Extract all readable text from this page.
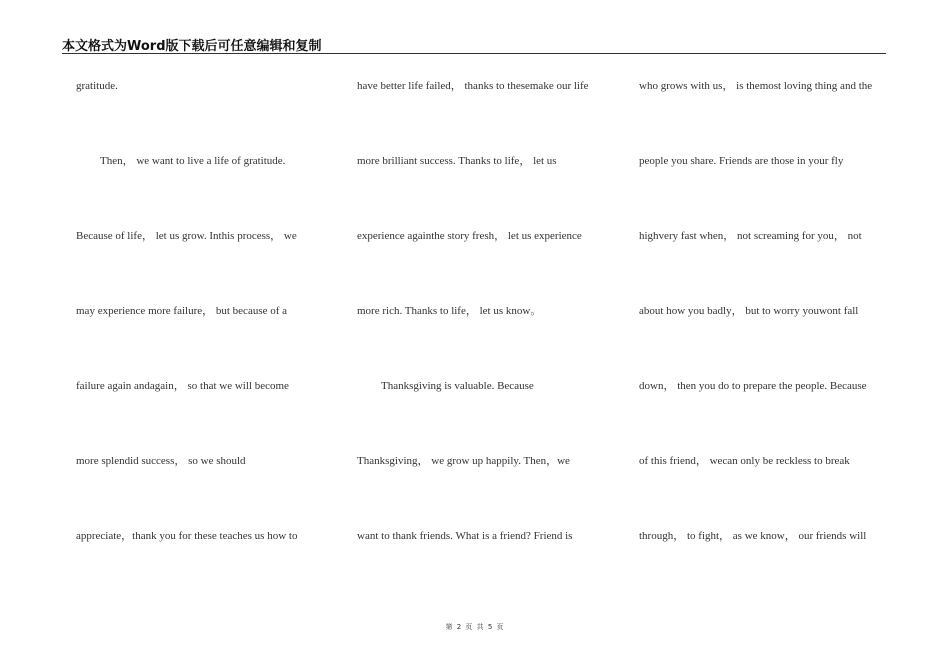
本文格式为Word版下载后可任意编辑和复制
gratitude.
Then， we want to live a life of gratitude.
Because of life， let us grow. Inthis process， we
may experience more failure， but because of a
failure again andagain， so that we will become
more splendid success， so we should
appreciate，thank you for these teaches us how to
have better life failed， thanks to thesemake our life
more brilliant success. Thanks to life， let us
experience againthe story fresh， let us experience
more rich. Thanks to life， let us know。
Thanksgiving is valuable. Because
Thanksgiving， we grow up happily. Then，we
want to thank friends. What is a friend? Friend is
who grows with us， is themost loving thing and the
people you share. Friends are those in your fly
highvery fast when， not screaming for you， not
about how you badly， but to worry youwont fall
down， then you do to prepare the people. Because
of this friend， wecan only be reckless to break
through， to fight， as we know， our friends will
第 2 页 共 5 页
